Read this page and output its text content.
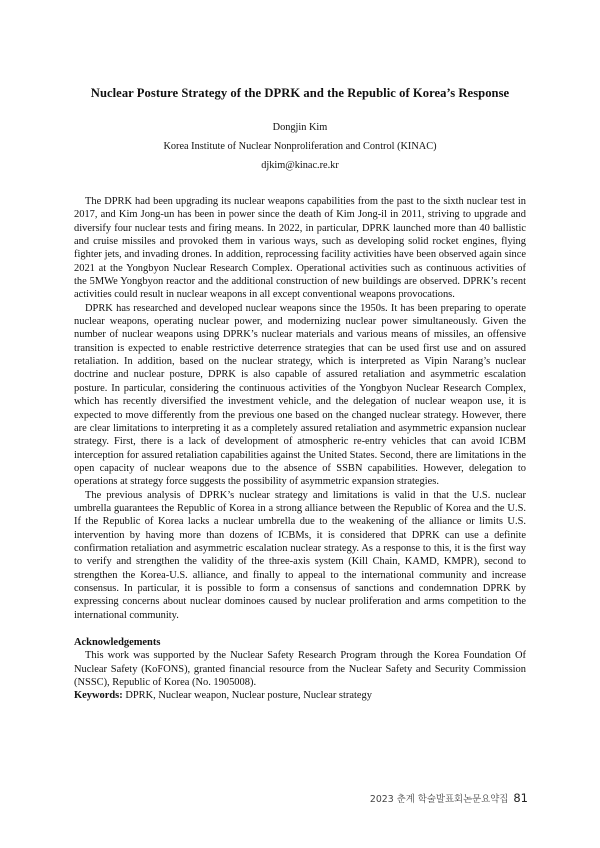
Nuclear Posture Strategy of the DPRK and the Republic of Korea’s Response
Dongjin Kim
Korea Institute of Nuclear Nonproliferation and Control (KINAC)
djkim@kinac.re.kr

The DPRK had been upgrading its nuclear weapons capabilities from the past to the sixth nuclear test in 2017, and Kim Jong-un has been in power since the death of Kim Jong-il in 2011, striving to upgrade and diversify four nuclear tests and firing means. In 2022, in particular, DPRK launched more than 40 ballistic and cruise missiles and provoked them in various ways, such as developing solid rocket engines, flying fighter jets, and invading drones. In addition, reprocessing facility activities have been observed again since 2021 at the Yongbyon Nuclear Research Complex. Operational activities such as continuous activities of the 5MWe Yongbyon reactor and the additional construction of new buildings are observed. DPRK’s recent activities could result in nuclear weapons in all except conventional weapons provocations.

DPRK has researched and developed nuclear weapons since the 1950s. It has been preparing to operate nuclear weapons, operating nuclear power, and modernizing nuclear power simultaneously. Given the number of nuclear weapons using DPRK’s nuclear materials and various means of missiles, an offensive transition is expected to enable restrictive deterrence strategies that can be used first use and on assured retaliation. In addition, based on the nuclear strategy, which is interpreted as Vipin Narang’s nuclear doctrine and nuclear posture, DPRK is also capable of assured retaliation and asymmetric escalation posture. In particular, considering the continuous activities of the Yongbyon Nuclear Research Complex, which has recently diversified the investment vehicle, and the delegation of nuclear weapon use, it is expected to move differently from the previous one based on the changed nuclear strategy. However, there are clear limitations to interpreting it as a completely assured retaliation and asymmetric expansion nuclear strategy. First, there is a lack of development of atmospheric re-entry vehicles that can avoid ICBM interception for assured retaliation capabilities against the United States. Second, there are limitations in the open capacity of nuclear weapons due to the absence of SSBN capabilities. However, delegation to operations at strategy force suggests the possibility of asymmetric expansion strategies.

The previous analysis of DPRK’s nuclear strategy and limitations is valid in that the U.S. nuclear umbrella guarantees the Republic of Korea in a strong alliance between the Republic of Korea and the U.S. If the Republic of Korea lacks a nuclear umbrella due to the weakening of the alliance or limits U.S. intervention by having more than dozens of ICBMs, it is considered that DPRK can use a definite confirmation retaliation and asymmetric escalation nuclear strategy. As a response to this, it is the first way to verify and strengthen the validity of the three-axis system (Kill Chain, KAMD, KMPR), second to strengthen the Korea-U.S. alliance, and finally to appeal to the international community and increase consensus. In particular, it is possible to form a consensus of sanctions and condemnation DPRK by expressing concerns about nuclear dominoes caused by nuclear proliferation and arms competition to the international community.

Acknowledgements

This work was supported by the Nuclear Safety Research Program through the Korea Foundation Of Nuclear Safety (KoFONS), granted financial resource from the Nuclear Safety and Security Commission (NSSC), Republic of Korea (No. 1905008).

Keywords: DPRK, Nuclear weapon, Nuclear posture, Nuclear strategy

2023 춘계 학술발표회논문요약집 81
